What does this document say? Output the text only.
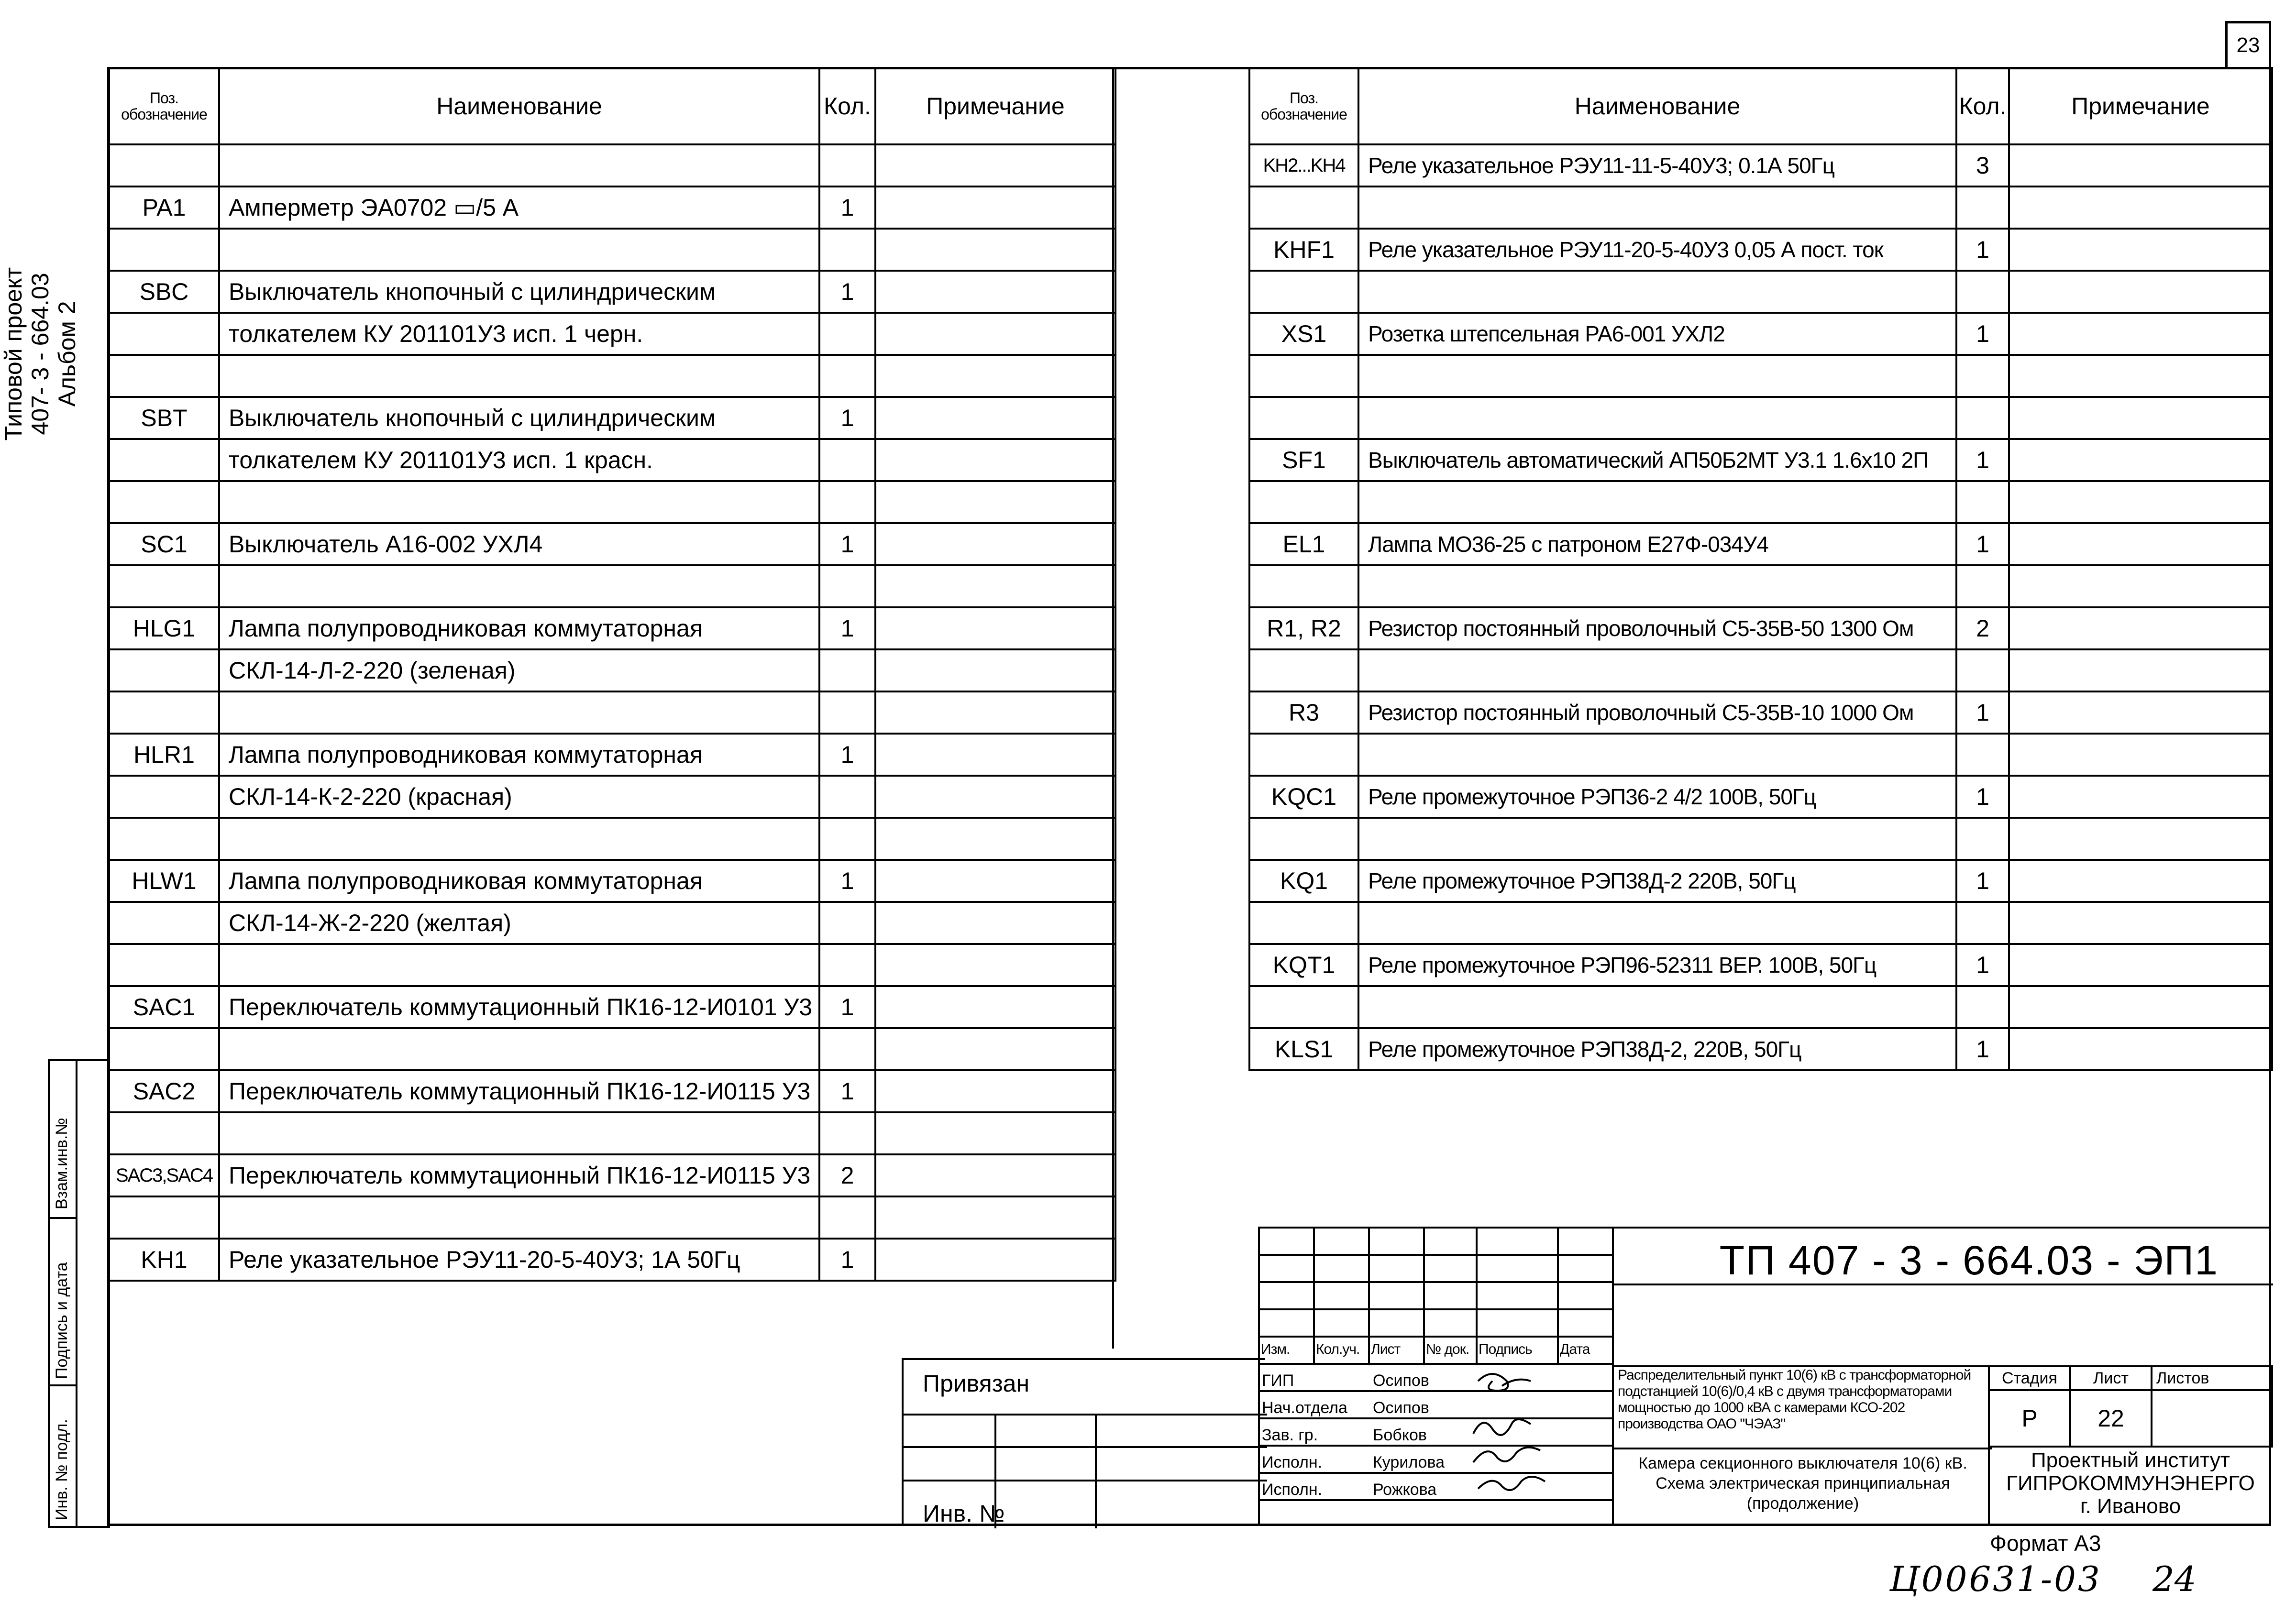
23
Типовой проект 407- 3 - 664.03 Альбом 2
Взам.инв.№
Подпись и дата
Инв. № подл.
Поз. обозначение	Наименование	Кол.	Примечание

PA1	Амперметр ЭА0702 ▭/5 А	1	

SBC	Выключатель кнопочный с цилиндрическим	1	
	толкателем КУ 201101У3 исп. 1 черн.		

SBT	Выключатель кнопочный с цилиндрическим	1	
	толкателем КУ 201101У3 исп. 1 красн.		

SC1	Выключатель А16-002 УХЛ4	1	

HLG1	Лампа полупроводниковая коммутаторная	1	
	СКЛ-14-Л-2-220 (зеленая)		

HLR1	Лампа полупроводниковая коммутаторная	1	
	СКЛ-14-К-2-220 (красная)		

HLW1	Лампа полупроводниковая коммутаторная	1	
	СКЛ-14-Ж-2-220 (желтая)		

SAC1	Переключатель коммутационный ПК16-12-И0101 У3	1	

SAC2	Переключатель коммутационный ПК16-12-И0115 У3	1	

SAC3,SAC4	Переключатель коммутационный ПК16-12-И0115 У3	2	

KH1	Реле указательное РЭУ11-20-5-40У3; 1А 50Гц	1	
Поз. обозначение	Наименование	Кол.	Примечание
KH2...KH4	Реле указательное РЭУ11-11-5-40У3; 0.1А 50Гц	3	

KHF1	Реле указательное РЭУ11-20-5-40У3 0,05 А пост. ток	1	

XS1	Розетка штепсельная РА6-001 УХЛ2	1	

SF1	Выключатель автоматический АП50Б2МТ У3.1 1.6х10 2П	1	

EL1	Лампа МО36-25 с патроном Е27Ф-034У4	1	

R1, R2	Резистор постоянный проволочный С5-35В-50 1300 Ом	2	

R3	Резистор постоянный проволочный С5-35В-10 1000 Ом	1	

KQC1	Реле промежуточное РЭП36-2 4/2 100В, 50Гц	1	

KQ1	Реле промежуточное РЭП38Д-2 220В, 50Гц	1	

KQT1	Реле промежуточное РЭП96-52311 ВЕР. 100В, 50Гц	1	

KLS1	Реле промежуточное РЭП38Д-2, 220В, 50Гц	1	
Привязан
Инв. №
ГИП	Осипов
Нач.отдела Осипов
Зав. гр.	Бобков
Исполн.	Курилова
Исполн.	Рожкова
Изм.	Кол.уч. Лист	№ док. Подпись	Дата
ТП 407 - 3 - 664.03 - ЭП1
Распределительный пункт 10(6) кВ с трансформаторной подстанцией 10(6)/0,4 кВ с двумя трансформаторами мощностью до 1000 кВА с камерами КСО-202 производства ОАО "ЧЭАЗ"
Камера секционного выключателя 10(6) кВ.
Схема электрическая принципиальная
(продолжение)
Стадия	Лист	Листов
Р	22	
Проектный институт
ГИПРОКОММУНЭНЕРГО
г. Иваново
Формат А3
Ц00631-03 24
